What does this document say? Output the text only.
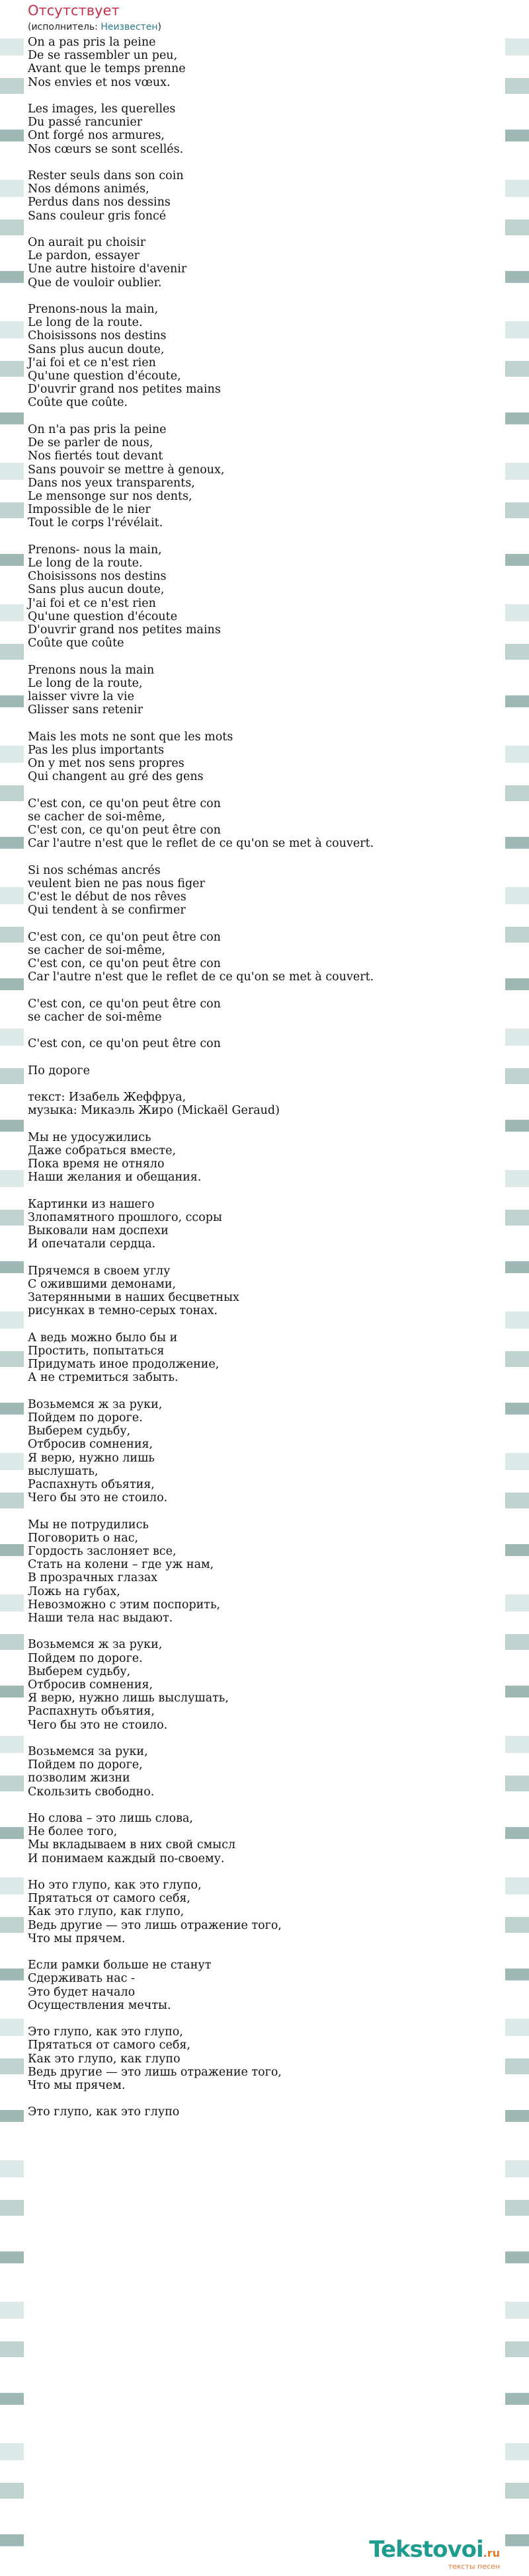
Отсутствует
(исполнитель: Неизвестен)
On a pas pris la peine
De se rassembler un peu,
Avant que le temps prenne
Nos envies et nos vœux.

Les images, les querelles
Du passé rancunier
Ont forgé nos armures,
Nos cœurs se sont scellés.

Rester seuls dans son coin
Nos démons animés,
Perdus dans nos dessins
Sans couleur gris foncé

On aurait pu choisir
Le pardon, essayer
Une autre histoire d'avenir
Que de vouloir oublier.

Prenons-nous la main,
Le long de la route.
Choisissons nos destins
Sans plus aucun doute,
J'ai foi et ce n'est rien
Qu'une question d'écoute,
D'ouvrir grand nos petites mains
Coûte que coûte.

On n'a pas pris la peine
De se parler de nous,
Nos fiertés tout devant
Sans pouvoir se mettre à genoux,
Dans nos yeux transparents,
Le mensonge sur nos dents,
Impossible de le nier
Tout le corps l'révélait.

Prenons- nous la main,
Le long de la route.
Choisissons nos destins
Sans plus aucun doute,
J'ai foi et ce n'est rien
Qu'une question d'écoute
D'ouvrir grand nos petites mains
Coûte que coûte

Prenons nous la main
Le long de la route,
laisser vivre la vie
Glisser sans retenir

Mais les mots ne sont que les mots
Pas les plus importants
On y met nos sens propres
Qui changent au gré des gens

C'est con, ce qu'on peut être con
se cacher de soi-même,
C'est con, ce qu'on peut être con
Car l'autre n'est que le reflet de ce qu'on se met à couvert.

Si nos schémas ancrés
veulent bien ne pas nous figer
C'est le début de nos rêves
Qui tendent à se confirmer

C'est con, ce qu'on peut être con
se cacher de soi-même,
C'est con, ce qu'on peut être con
Car l'autre n'est que le reflet de ce qu'on se met à couvert.

C'est con, ce qu'on peut être con
se cacher de soi-même

C'est con, ce qu'on peut être con

По дороге

текст: Изабель Жеффруа,
музыка: Микаэль Жиро (Mickaël Geraud)

Мы не удосужились
Даже собраться вместе,
Пока время не отняло
Наши желания и обещания.

Картинки из нашего
Злопамятного прошлого, ссоры
Выковали нам доспехи
И опечатали сердца.

Прячемся в своем углу
С ожившими демонами,
Затерянными в наших бесцветных
рисунках в темно-серых тонах.

А ведь можно было бы и
Простить, попытаться
Придумать иное продолжение,
А не стремиться забыть.

Возьмемся ж за руки,
Пойдем по дороге.
Выберем судьбу,
Отбросив сомнения,
Я верю, нужно лишь
выслушать,
Распахнуть объятия,
Чего бы это не стоило.

Мы не потрудились
Поговорить о нас,
Гордость заслоняет все,
Стать на колени – где уж нам,
В прозрачных глазах
Ложь на губах,
Невозможно с этим поспорить,
Наши тела нас выдают.

Возьмемся ж за руки,
Пойдем по дороге.
Выберем судьбу,
Отбросив сомнения,
Я верю, нужно лишь выслушать,
Распахнуть объятия,
Чего бы это не стоило.

Возьмемся за руки,
Пойдем по дороге,
позволим жизни
Скользить свободно.

Но слова – это лишь слова,
Не более того,
Мы вкладываем в них свой смысл
И понимаем каждый по-своему.

Но это глупо, как это глупо,
Прятаться от самого себя,
Как это глупо, как глупо,
Ведь другие — это лишь отражение того,
Что мы прячем.

Если рамки больше не станут
Сдерживать нас -
Это будет начало
Осуществления мечты.

Это глупо, как это глупо,
Прятаться от самого себя,
Как это глупо, как глупо
Ведь другие — это лишь отражение того,
Что мы прячем.

Это глупо, как это глупо
Tekstovoi.ru
тексты песен
